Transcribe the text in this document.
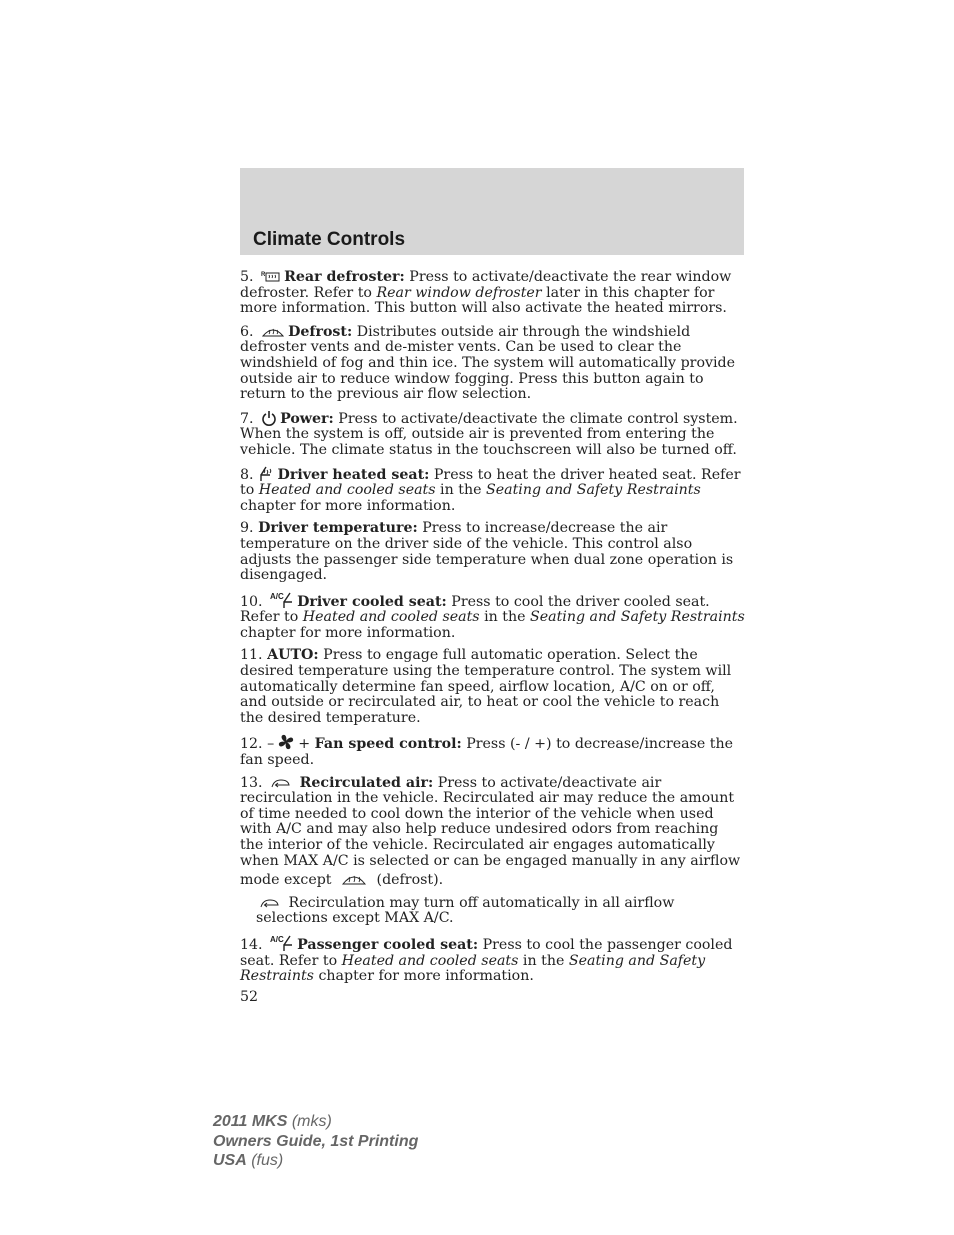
Climate Controls

5. R Rear defroster: Press to activate/deactivate the rear window defroster. Refer to Rear window defroster later in this chapter for more information. This button will also activate the heated mirrors.

6. Defrost: Distributes outside air through the windshield defroster vents and de-mister vents. Can be used to clear the windshield of fog and thin ice. The system will automatically provide outside air to reduce window fogging. Press this button again to return to the previous air flow selection.

7. Power: Press to activate/deactivate the climate control system. When the system is off, outside air is prevented from entering the vehicle. The climate status in the touchscreen will also be turned off.

8. Driver heated seat: Press to heat the driver heated seat. Refer to Heated and cooled seats in the Seating and Safety Restraints chapter for more information.

9. Driver temperature: Press to increase/decrease the air temperature on the driver side of the vehicle. This control also adjusts the passenger side temperature when dual zone operation is disengaged.

10. A/C Driver cooled seat: Press to cool the driver cooled seat. Refer to Heated and cooled seats in the Seating and Safety Restraints chapter for more information.

11. AUTO: Press to engage full automatic operation. Select the desired temperature using the temperature control. The system will automatically determine fan speed, airflow location, A/C on or off, and outside or recirculated air, to heat or cool the vehicle to reach the desired temperature.

12. – + Fan speed control: Press (- / +) to decrease/increase the fan speed.

13.	Recirculated air: Press to activate/deactivate air recirculation in the vehicle. Recirculated air may reduce the amount of time needed to cool down the interior of the vehicle when used with A/C and may also help reduce undesired odors from reaching the interior of the vehicle. Recirculated air engages automatically when MAX A/C is selected or can be engaged manually in any airflow mode except	(defrost).

Recirculation may turn off automatically in all airflow selections except MAX A/C.

14. A/C Passenger cooled seat: Press to cool the passenger cooled seat. Refer to Heated and cooled seats in the Seating and Safety Restraints chapter for more information.

52
2011 MKS (mks)
Owners Guide, 1st Printing
USA (fus)
